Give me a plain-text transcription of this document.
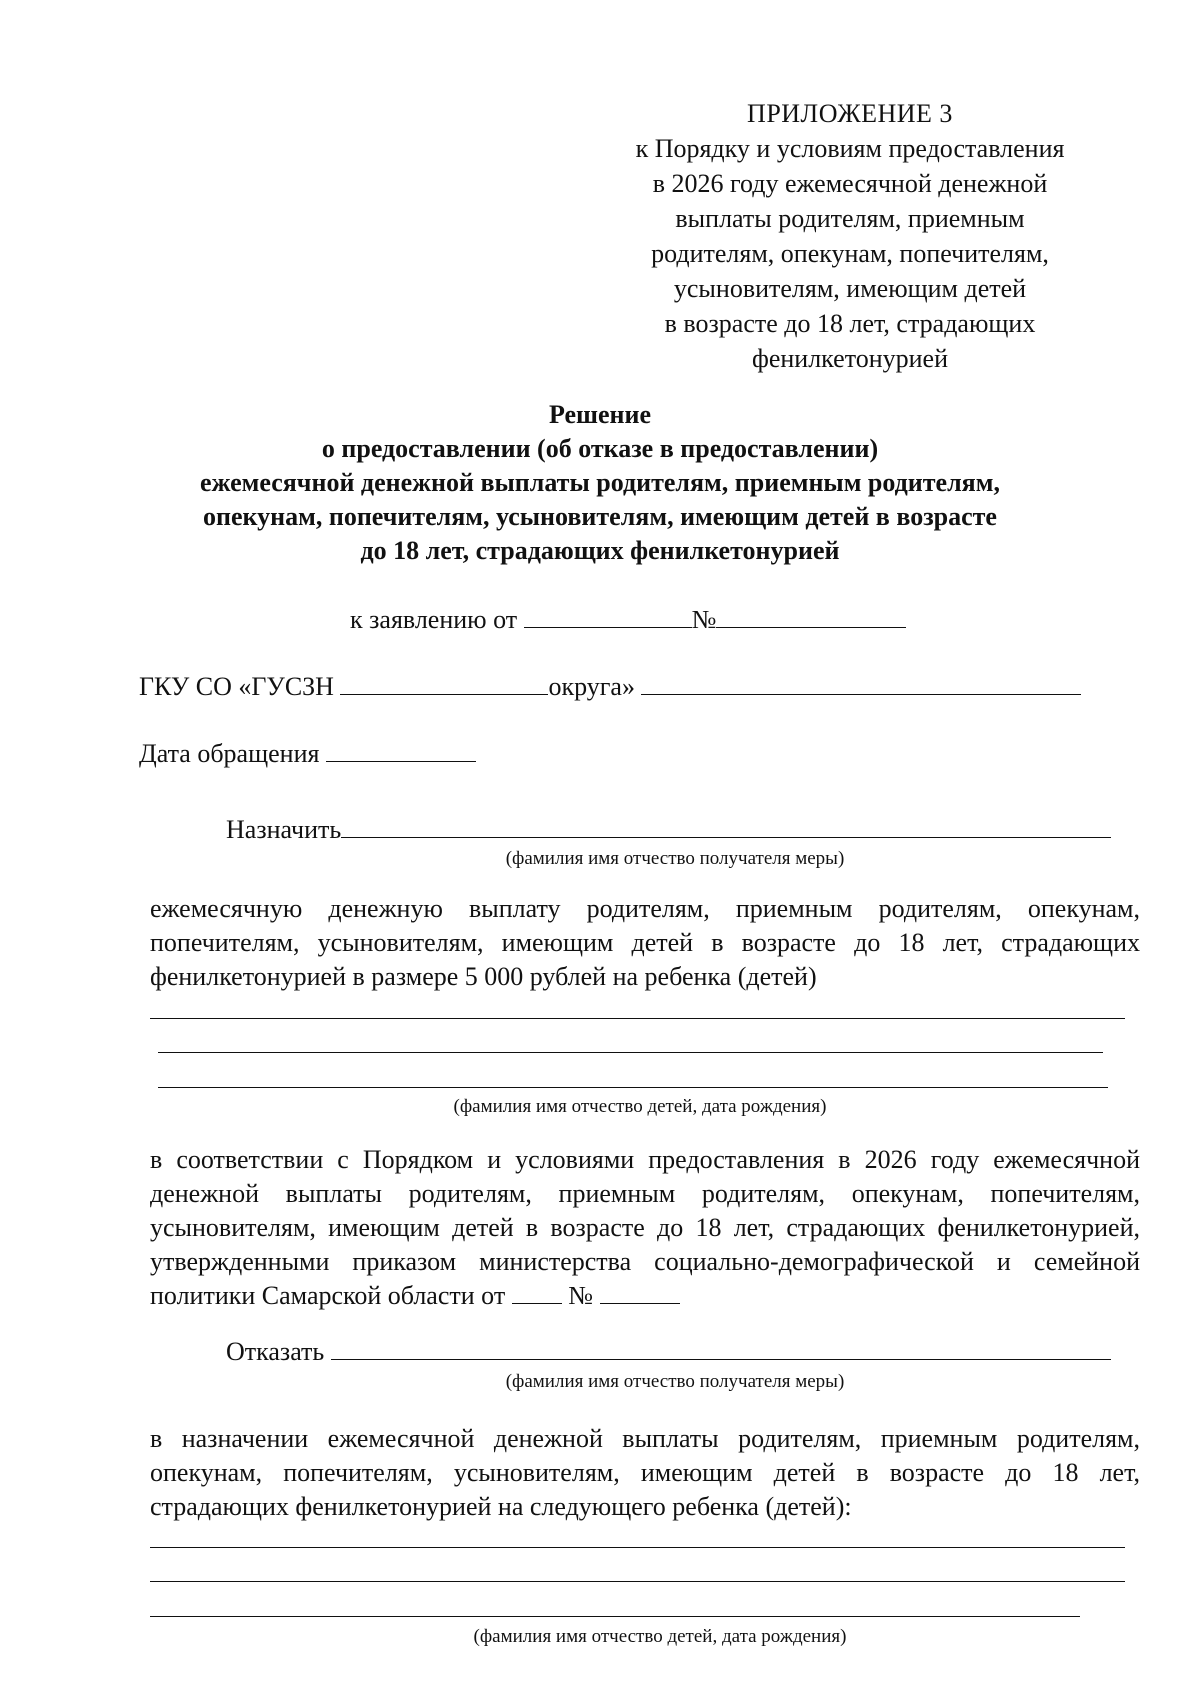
ПРИЛОЖЕНИЕ 3
к Порядку и условиям предоставления
в 2026 году ежемесячной денежной
выплаты родителям, приемным
родителям, опекунам, попечителям,
усыновителям, имеющим детей
в возрасте до 18 лет, страдающих
фенилкетонурией
Решение
о предоставлении (об отказе в предоставлении)
ежемесячной денежной выплаты родителям, приемным родителям,
опекунам, попечителям, усыновителям, имеющим детей в возрасте
до 18 лет, страдающих фенилкетонурией
к заявлению от	№
ГКУ СО «ГУСЗН	округа»
Дата обращения
Назначить
(фамилия имя отчество получателя меры)
ежемесячную денежную выплату родителям, приемным родителям, опекунам, попечителям, усыновителям, имеющим детей в возрасте до 18 лет, страдающих фенилкетонурией в размере 5 000 рублей на ребенка (детей)
(фамилия имя отчество детей, дата рождения)
в соответствии с Порядком и условиями предоставления в 2026 году ежемесячной денежной выплаты родителям, приемным родителям, опекунам, попечителям, усыновителям, имеющим детей в возрасте до 18 лет, страдающих фенилкетонурией, утвержденными приказом министерства социально-демографической и семейной политики Самарской области от №
Отказать
(фамилия имя отчество получателя меры)
в назначении ежемесячной денежной выплаты родителям, приемным родителям, опекунам, попечителям, усыновителям, имеющим детей в возрасте до 18 лет, страдающих фенилкетонурией на следующего ребенка (детей):
(фамилия имя отчество детей, дата рождения)
